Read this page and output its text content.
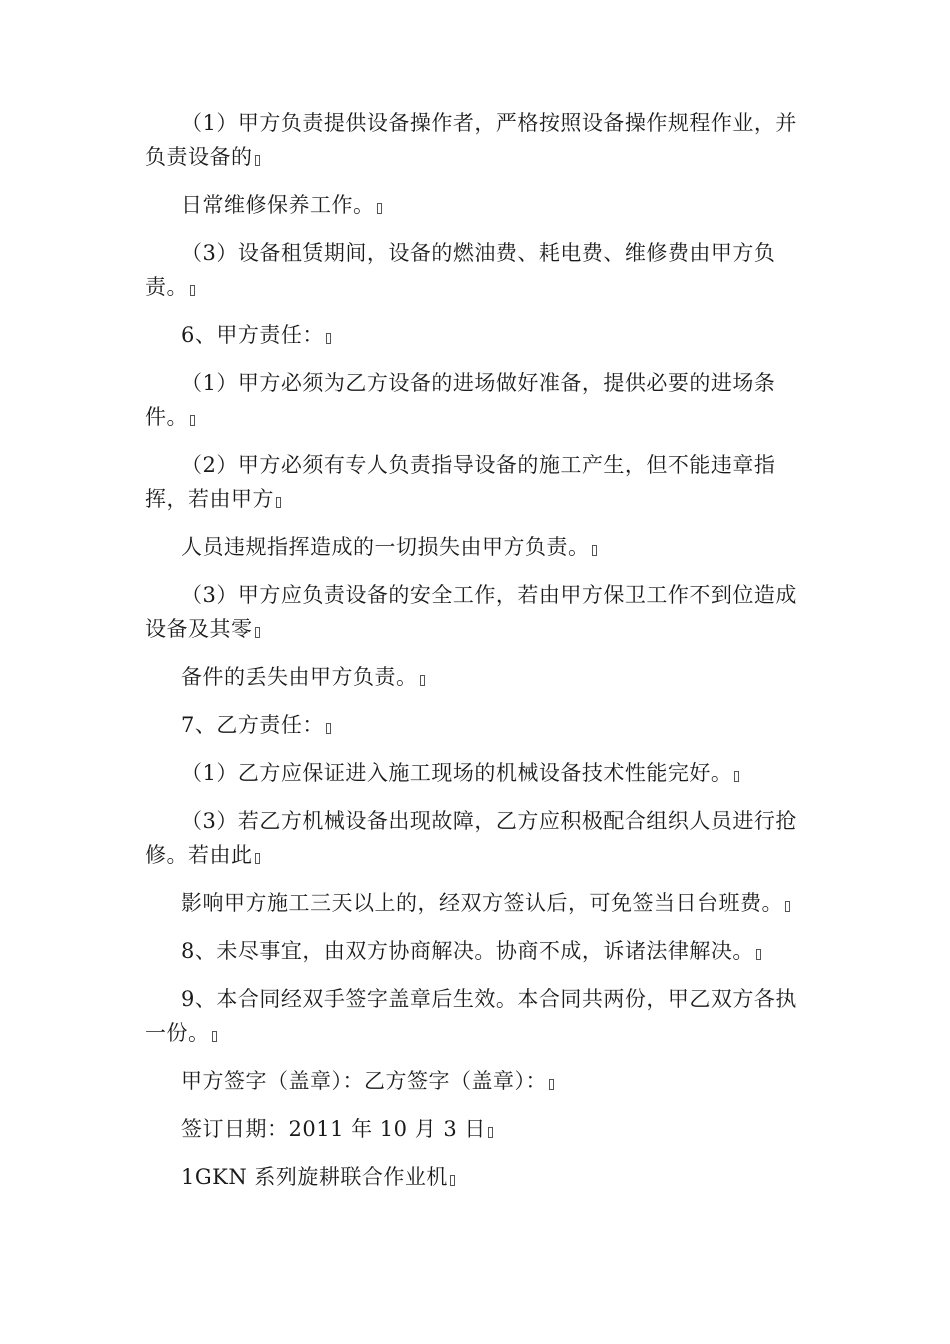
（1）甲方负责提供设备操作者，严格按照设备操作规程作业，并负责设备的

日常维修保养工作。

（3）设备租赁期间，设备的燃油费、耗电费、维修费由甲方负责。

6、甲方责任：

（1）甲方必须为乙方设备的进场做好准备，提供必要的进场条件。

（2）甲方必须有专人负责指导设备的施工产生，但不能违章指挥，若由甲方

人员违规指挥造成的一切损失由甲方负责。

（3）甲方应负责设备的安全工作，若由甲方保卫工作不到位造成设备及其零

备件的丢失由甲方负责。

7、乙方责任：

（1）乙方应保证进入施工现场的机械设备技术性能完好。

（3）若乙方机械设备出现故障，乙方应积极配合组织人员进行抢修。若由此

影响甲方施工三天以上的，经双方签认后，可免签当日台班费。

8、未尽事宜，由双方协商解决。协商不成，诉诸法律解决。

9、本合同经双手签字盖章后生效。本合同共两份，甲乙双方各执一份。

甲方签字（盖章）：乙方签字（盖章）：

签订日期：2011 年 10 月 3 日

1GKN 系列旋耕联合作业机
